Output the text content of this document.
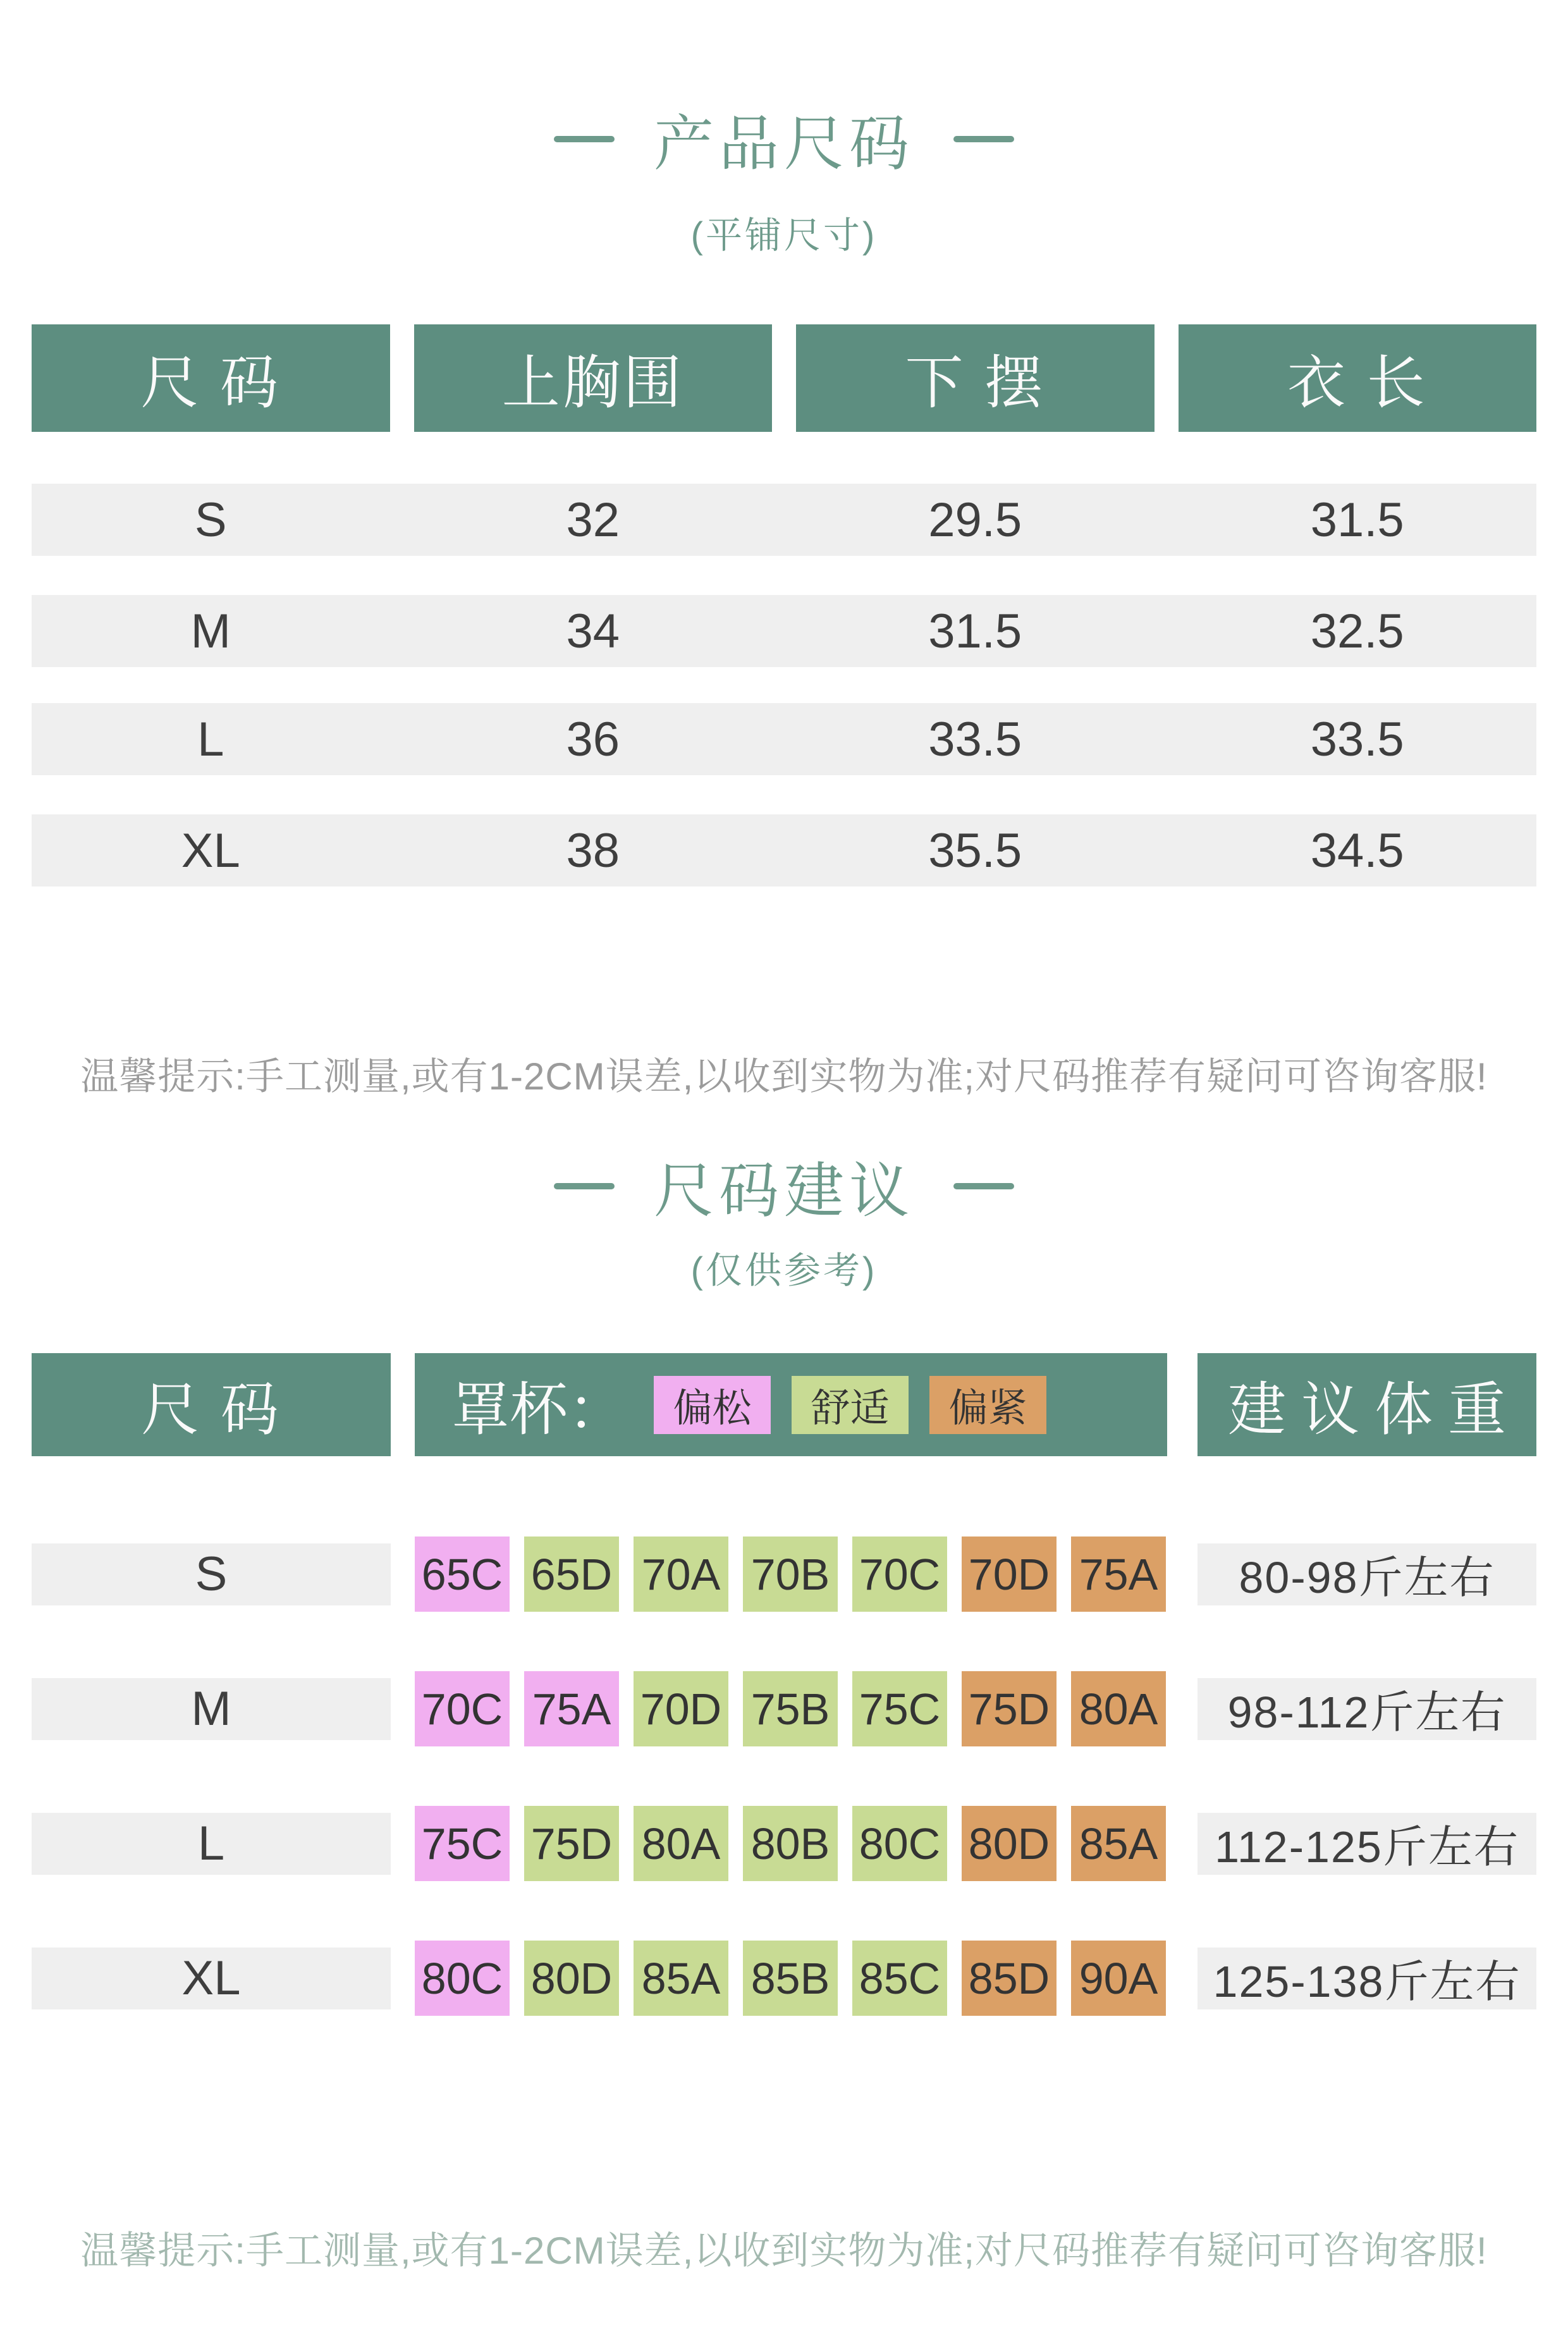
产品尺码
(平铺尺寸)
尺 码	上胸围	下 摆	衣 长
S	32	29.5	31.5
M	34	31.5	32.5
L	36	33.5	33.5
XL	38	35.5	34.5
温馨提示:手工测量,或有1-2CM误差,以收到实物为准;对尺码推荐有疑问可咨询客服!
尺码建议
(仅供参考)
尺 码	罩杯：	偏松	舒适	偏紧	建议体重
S	65C 65D 70A 70B 70C 70D 75A	80-98斤左右
M	70C 75A 70D 75B 75C 75D 80A	98-112斤左右
L	75C 75D 80A 80B 80C 80D 85A	112-125斤左右
XL	80C 80D 85A 85B 85C 85D 90A	125-138斤左右
温馨提示:手工测量,或有1-2CM误差,以收到实物为准;对尺码推荐有疑问可咨询客服!
